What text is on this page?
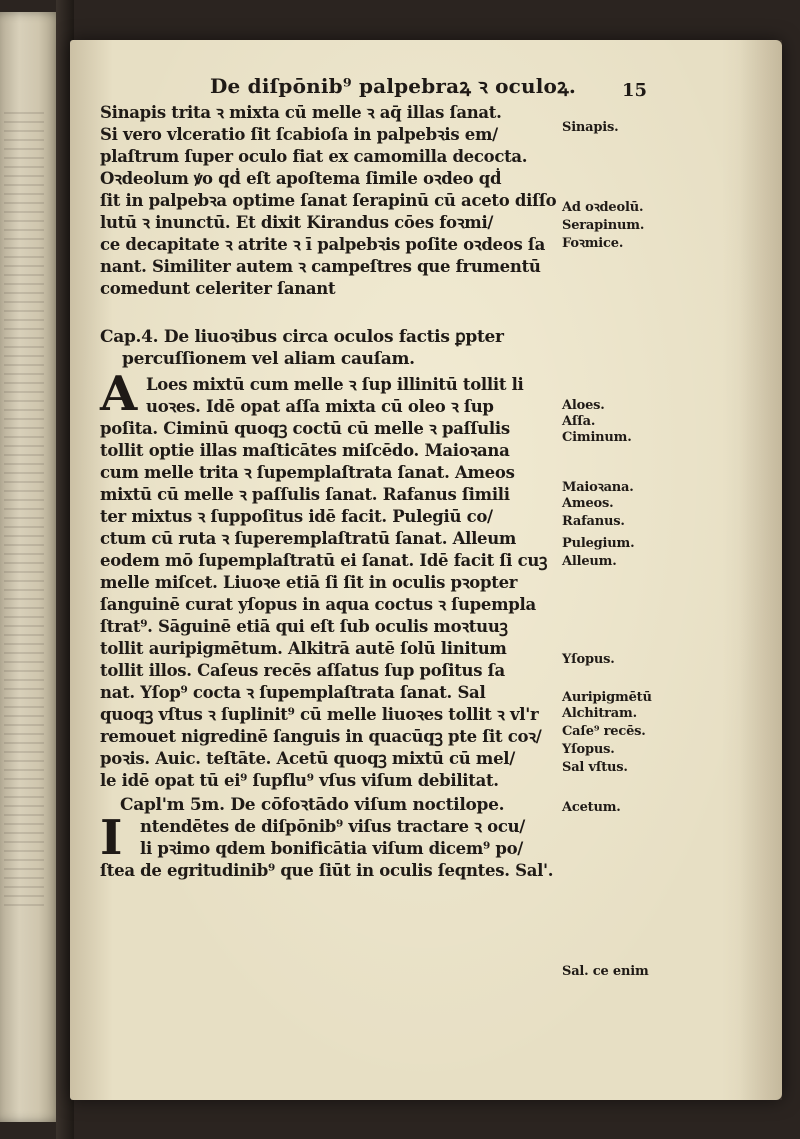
De diſpōnib⁹ palpebraꝝ ꝛ oculoꝝ.	15
Sinapis trita ꝛ mixta cū melle ꝛ aq̄ illas ſanat.
Si vero vlceratio ſit ſcabioſa in palpebꝛis em/
plaſtrum ſuper oculo fiat ex camomilla decocta.
Oꝛdeolum ꝟo qḋ eſt apoſtema ſimile oꝛdeo qḋ
ſit in palpebꝛa optime ſanat ſerapinū cū aceto diſſo
lutū ꝛ inunctū. Et dixit Kirandus cōes foꝛmi/
ce decapitate ꝛ atrite ꝛ ī palpebꝛis poſite oꝛdeos ſa
nant. Similiter autem ꝛ campeſtres que frumentū
comedunt celeriter ſanant
Cap.4. De liuoꝛibus circa oculos factis ꝑpter
percuſſionem vel aliam cauſam.
A Loes mixtū cum melle ꝛ ſup illinitū tollit li
uoꝛes. Idē opat aſſa mixta cū oleo ꝛ ſup
poſita. Ciminū quoqꝫ coctū cū melle ꝛ paſſulis
tollit optie illas maſticātes miſcēdo. Maioꝛana
cum melle trita ꝛ ſupemplaſtrata ſanat. Ameos
mixtū cū melle ꝛ paſſulis ſanat. Rafanus ſimili
ter mixtus ꝛ ſuppoſitus idē facit. Pulegiū co/
ctum cū ruta ꝛ ſuperemplaſtratū ſanat. Alleum
eodem mō ſupemplaſtratū ei ſanat. Idē facit ſi cuꝫ
melle miſcet. Liuoꝛe etiā ſi ſit in oculis pꝛopter
ſanguinē curat yſopus in aqua coctus ꝛ ſupempla
ſtrat⁹. Sāguinē etiā qui eſt ſub oculis moꝛtuuꝫ
tollit auripigmētum. Alkitrā autē ſolū linitum
tollit illos. Caſeus recēs aſſatus ſup poſitus ſa
nat. Yſop⁹ cocta ꝛ ſupemplaſtrata ſanat. Sal
quoqꝫ vſtus ꝛ ſuplinit⁹ cū melle liuoꝛes tollit ꝛ vl'r
remouet nigredinē ſanguis in quacūqꝫ pte ſit coꝛ/
poꝛis. Auic. teſtāte. Acetū quoqꝫ mixtū cū mel/
le idē opat tū ei⁹ ſupflu⁹ vſus viſum debilitat.
Capl'm 5m. De cōfoꝛtādo viſum noctilope.
I ntendētes de diſpōnib⁹ viſus tractare ꝛ ocu/
li pꝛimo qdem bonificātia viſum dicem⁹ po/
ſtea de egritudinib⁹ que ſiūt in oculis ſeqntes. Sal'.
Sinapis.
Ad oꝛdeolū.
Serapinum.
Foꝛmice.
Aloes.
Aſſa.
Ciminum.
Maioꝛana.
Ameos.
Rafanus.
Pulegium.
Alleum.
Yſopus.
Auripigmētū
Alchitram.
Caſe⁹ recēs.
Yſopus.
Sal vſtus.
Acetum.
Sal. ce enim
